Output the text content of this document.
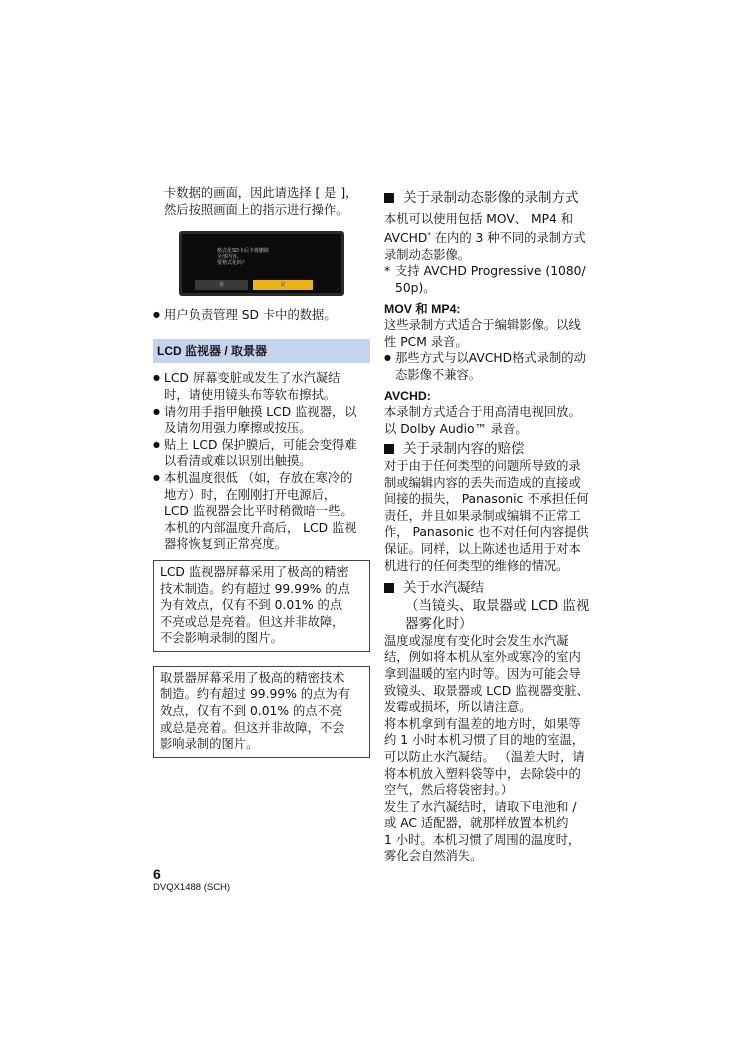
卡数据的画面，因此请选择 [ 是 ]，

然后按照画面上的指示进行操作。

格式化SD卡后卡将删除
全部内容。
要格式化吗？
否	是

● 用户负责管理 SD 卡中的数据。

LCD 监视器 / 取景器

● LCD 屏幕变脏或发生了水汽凝结
时，请使用镜头布等软布擦拭。

● 请勿用手指甲触摸 LCD 监视器，以
及请勿用强力摩擦或按压。

● 贴上 LCD 保护膜后，可能会变得难
以看清或难以识别出触摸。

● 本机温度很低 （如，存放在寒冷的
地方）时，在刚刚打开电源后，
LCD 监视器会比平时稍微暗一些。
本机的内部温度升高后， LCD 监视
器将恢复到正常亮度。

LCD 监视器屏幕采用了极高的精密
技术制造。约有超过 99.99% 的点
为有效点，仅有不到 0.01% 的点
不亮或总是亮着。但这并非故障，
不会影响录制的图片。
取景器屏幕采用了极高的精密技术
制造。约有超过 99.99% 的点为有
效点，仅有不到 0.01% 的点不亮
或总是亮着。但这并非故障，不会
影响录制的图片。

关于录制动态影像的录制方式

本机可以使用包括 MOV、 MP4 和
AVCHD* 在内的 3 种不同的录制方式
录制动态影像。

* 支持 AVCHD Progressive (1080/
50p)。

MOV 和 MP4:

这些录制方式适合于编辑影像。以线
性 PCM 录音。

● 那些方式与以AVCHD格式录制的动
态影像不兼容。

AVCHD:

本录制方式适合于用高清电视回放。
以 Dolby Audio™ 录音。

关于录制内容的赔偿

对于由于任何类型的问题所导致的录
制或编辑内容的丢失而造成的直接或
间接的损失， Panasonic 不承担任何
责任，并且如果录制或编辑不正常工
作， Panasonic 也不对任何内容提供
保证。同样，以上陈述也适用于对本
机进行的任何类型的维修的情况。

关于水汽凝结

（当镜头、取景器或 LCD 监视
器雾化时）

温度或湿度有变化时会发生水汽凝
结，例如将本机从室外或寒冷的室内
拿到温暖的室内时等。因为可能会导
致镜头、取景器或 LCD 监视器变脏、
发霉或损坏，所以请注意。
将本机拿到有温差的地方时，如果等
约 1 小时本机习惯了目的地的室温，
可以防止水汽凝结。 （温差大时，请
将本机放入塑料袋等中，去除袋中的
空气，然后将袋密封。）
发生了水汽凝结时，请取下电池和 /
或 AC 适配器，就那样放置本机约
1 小时。本机习惯了周围的温度时，
雾化会自然消失。

6
DVQX1488 (SCH)
